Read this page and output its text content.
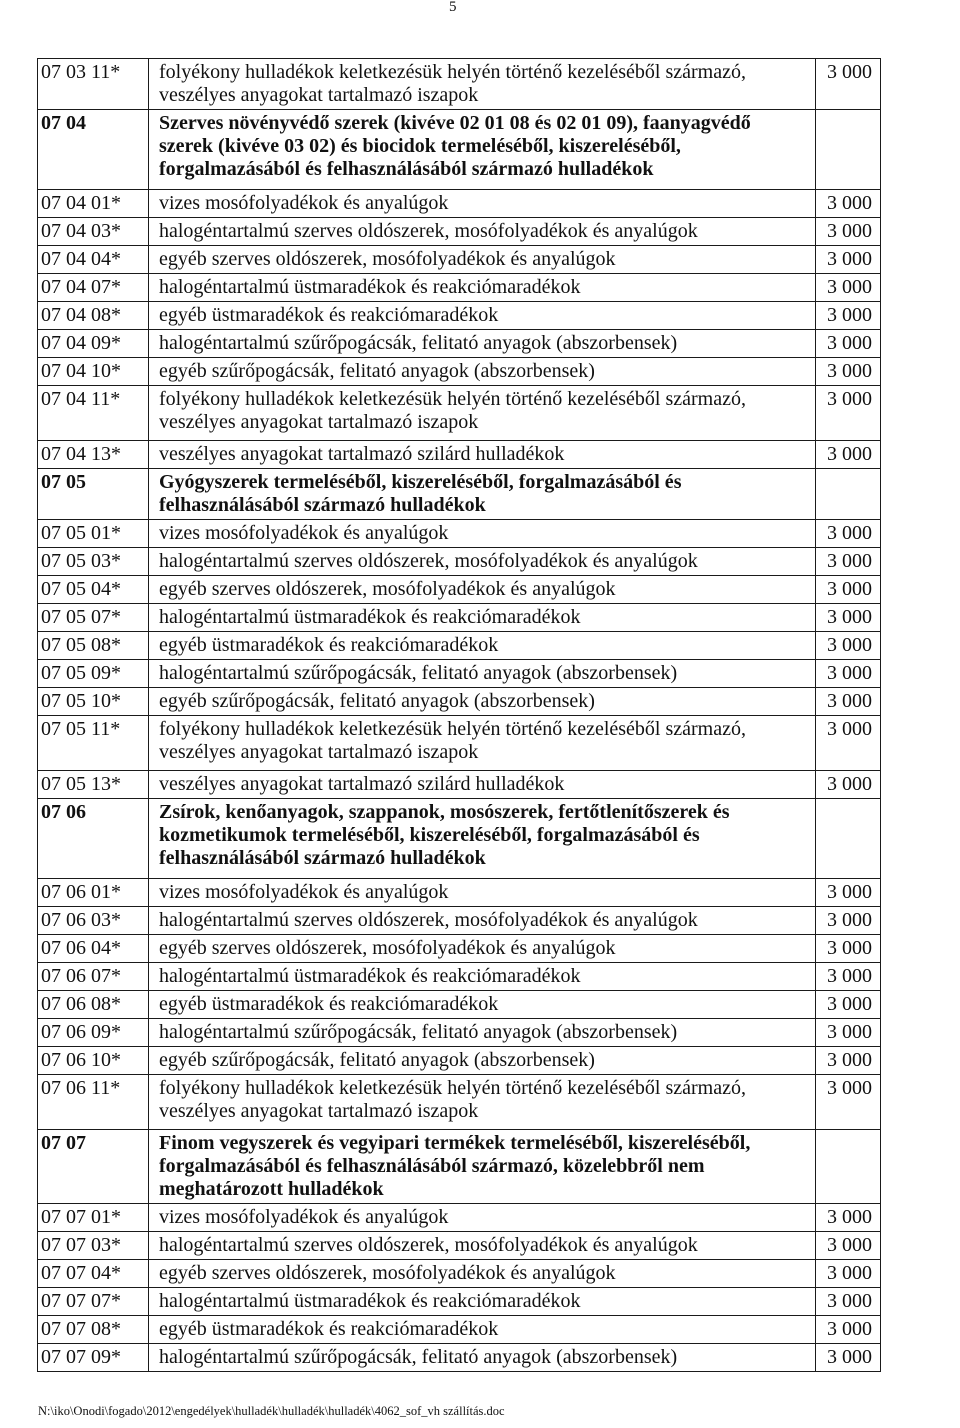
5
07 03 11*	folyékony hulladékok keletkezésük helyén történő kezeléséből származó,
veszélyes anyagokat tartalmazó iszapok	3 000
07 04	Szerves növényvédő szerek (kivéve 02 01 08 és 02 01 09), faanyagvédő
szerek (kivéve 03 02) és biocidok termeléséből, kiszereléséből,
forgalmazásából és felhasználásából származó hulladékok	

07 04 01*	vizes mosófolyadékok és anyalúgok	3 000
07 04 03*	halogéntartalmú szerves oldószerek, mosófolyadékok és anyalúgok	3 000
07 04 04*	egyéb szerves oldószerek, mosófolyadékok és anyalúgok	3 000
07 04 07*	halogéntartalmú üstmaradékok és reakciómaradékok	3 000
07 04 08*	egyéb üstmaradékok és reakciómaradékok	3 000
07 04 09*	halogéntartalmú szűrőpogácsák, felitató anyagok (abszorbensek)	3 000
07 04 10*	egyéb szűrőpogácsák, felitató anyagok (abszorbensek)	3 000
07 04 11*	folyékony hulladékok keletkezésük helyén történő kezeléséből származó,
veszélyes anyagokat tartalmazó iszapok	3 000
07 04 13*	veszélyes anyagokat tartalmazó szilárd hulladékok	3 000
07 05	Gyógyszerek termeléséből, kiszereléséből, forgalmazásából és
felhasználásából származó hulladékok	

07 05 01*	vizes mosófolyadékok és anyalúgok	3 000
07 05 03*	halogéntartalmú szerves oldószerek, mosófolyadékok és anyalúgok	3 000
07 05 04*	egyéb szerves oldószerek, mosófolyadékok és anyalúgok	3 000
07 05 07*	halogéntartalmú üstmaradékok és reakciómaradékok	3 000
07 05 08*	egyéb üstmaradékok és reakciómaradékok	3 000
07 05 09*	halogéntartalmú szűrőpogácsák, felitató anyagok (abszorbensek)	3 000
07 05 10*	egyéb szűrőpogácsák, felitató anyagok (abszorbensek)	3 000
07 05 11*	folyékony hulladékok keletkezésük helyén történő kezeléséből származó,
veszélyes anyagokat tartalmazó iszapok	3 000
07 05 13*	veszélyes anyagokat tartalmazó szilárd hulladékok	3 000
07 06	Zsírok, kenőanyagok, szappanok, mosószerek, fertőtlenítőszerek és
kozmetikumok termeléséből, kiszereléséből, forgalmazásából és
felhasználásából származó hulladékok	

07 06 01*	vizes mosófolyadékok és anyalúgok	3 000
07 06 03*	halogéntartalmú szerves oldószerek, mosófolyadékok és anyalúgok	3 000
07 06 04*	egyéb szerves oldószerek, mosófolyadékok és anyalúgok	3 000
07 06 07*	halogéntartalmú üstmaradékok és reakciómaradékok	3 000
07 06 08*	egyéb üstmaradékok és reakciómaradékok	3 000
07 06 09*	halogéntartalmú szűrőpogácsák, felitató anyagok (abszorbensek)	3 000
07 06 10*	egyéb szűrőpogácsák, felitató anyagok (abszorbensek)	3 000
07 06 11*	folyékony hulladékok keletkezésük helyén történő kezeléséből származó,
veszélyes anyagokat tartalmazó iszapok	3 000
07 07	Finom vegyszerek és vegyipari termékek termeléséből, kiszereléséből,
forgalmazásából és felhasználásából származó, közelebbről nem
meghatározott hulladékok	

07 07 01*	vizes mosófolyadékok és anyalúgok	3 000
07 07 03*	halogéntartalmú szerves oldószerek, mosófolyadékok és anyalúgok	3 000
07 07 04*	egyéb szerves oldószerek, mosófolyadékok és anyalúgok	3 000
07 07 07*	halogéntartalmú üstmaradékok és reakciómaradékok	3 000
07 07 08*	egyéb üstmaradékok és reakciómaradékok	3 000
07 07 09*	halogéntartalmú szűrőpogácsák, felitató anyagok (abszorbensek)	3 000
N:\iko\Onodi\fogado\2012\engedélyek\hulladék\hulladék\hulladék\4062_sof_vh szállítás.doc
